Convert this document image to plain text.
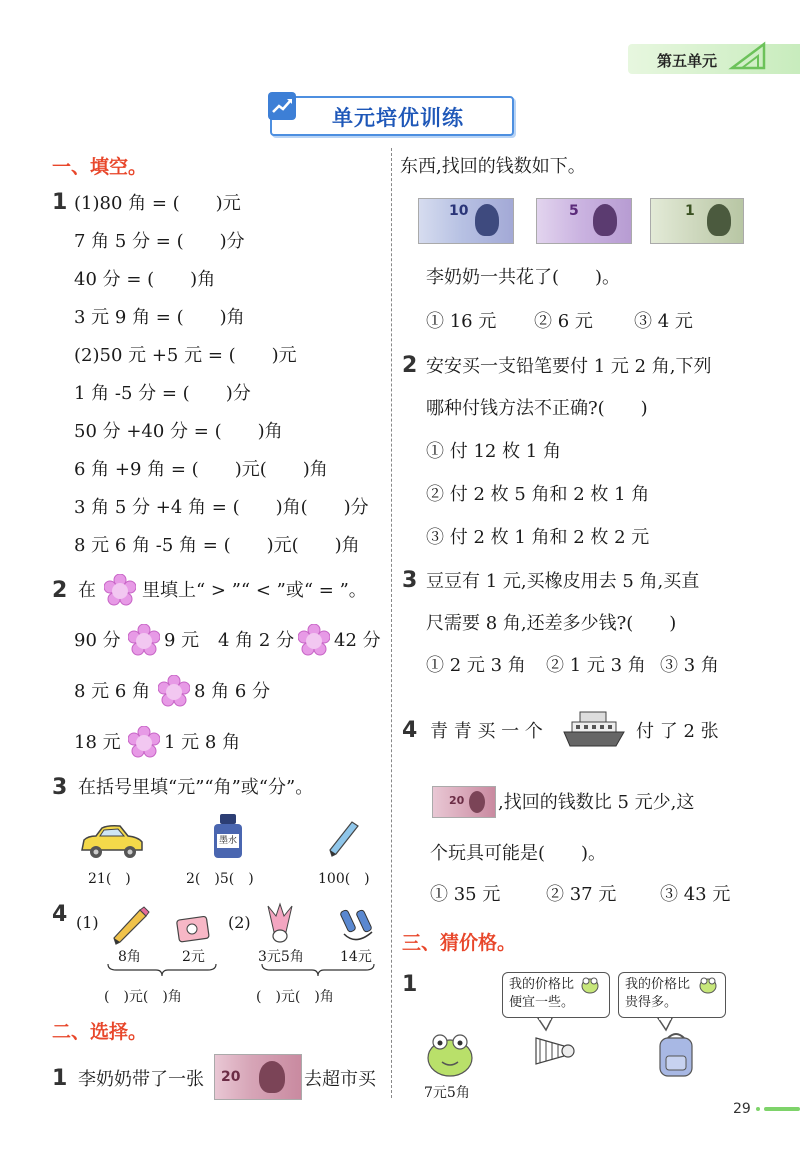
第五单元
单元培优训练
一、填空。
1 (1)80 角 = (　　)元
7 角 5 分 = (　　)分
40 分 = (　　)角
3 元 9 角 = (　　)角
(2)50 元 +5 元 = (　　)元
1 角 -5 分 = (　　)分
50 分 +40 分 = (　　)角
6 角 +9 角 = (　　)元(　　)角
3 角 5 分 +4 角 = (　　)角(　　)分
8 元 6 角 -5 角 = (　　)元(　　)角
2 在	里填上“ > ”“ < ”或“ = ”。
90 分 9 元 4 角 2 分 42 分
8 元 6 角 8 角 6 分
18 元 1 元 8 角
3 在括号里填“元”“角”或“分”。
墨水
21(　)	2(　)5(　)	100(　)
4 (1)	(2)
8角	2元	3元5角	14元
(　)元(　)角	(　)元(　)角
二、选择。
1 李奶奶带了一张 20	去超市买
东西,找回的钱数如下。
10	5	1
李奶奶一共花了(　　)。
① 16 元 ② 6 元 ③ 4 元
2 安安买一支铅笔要付 1 元 2 角,下列
哪种付钱方法不正确?(　　)
① 付 12 枚 1 角
② 付 2 枚 5 角和 2 枚 1 角
③ 付 2 枚 1 角和 2 枚 2 元
3 豆豆有 1 元,买橡皮用去 5 角,买直
尺需要 8 角,还差多少钱?(　　)
① 2 元 3 角 ② 1 元 3 角 ③ 3 角
4 青 青 买 一 个	付 了 2 张
20 ,找回的钱数比 5 元少,这
个玩具可能是(　　)。
① 35 元	② 37 元 ③ 43 元
三、猜价格。
1	我的价格比
便宜一些。
我的价格比
贵得多。
7元5角
29
